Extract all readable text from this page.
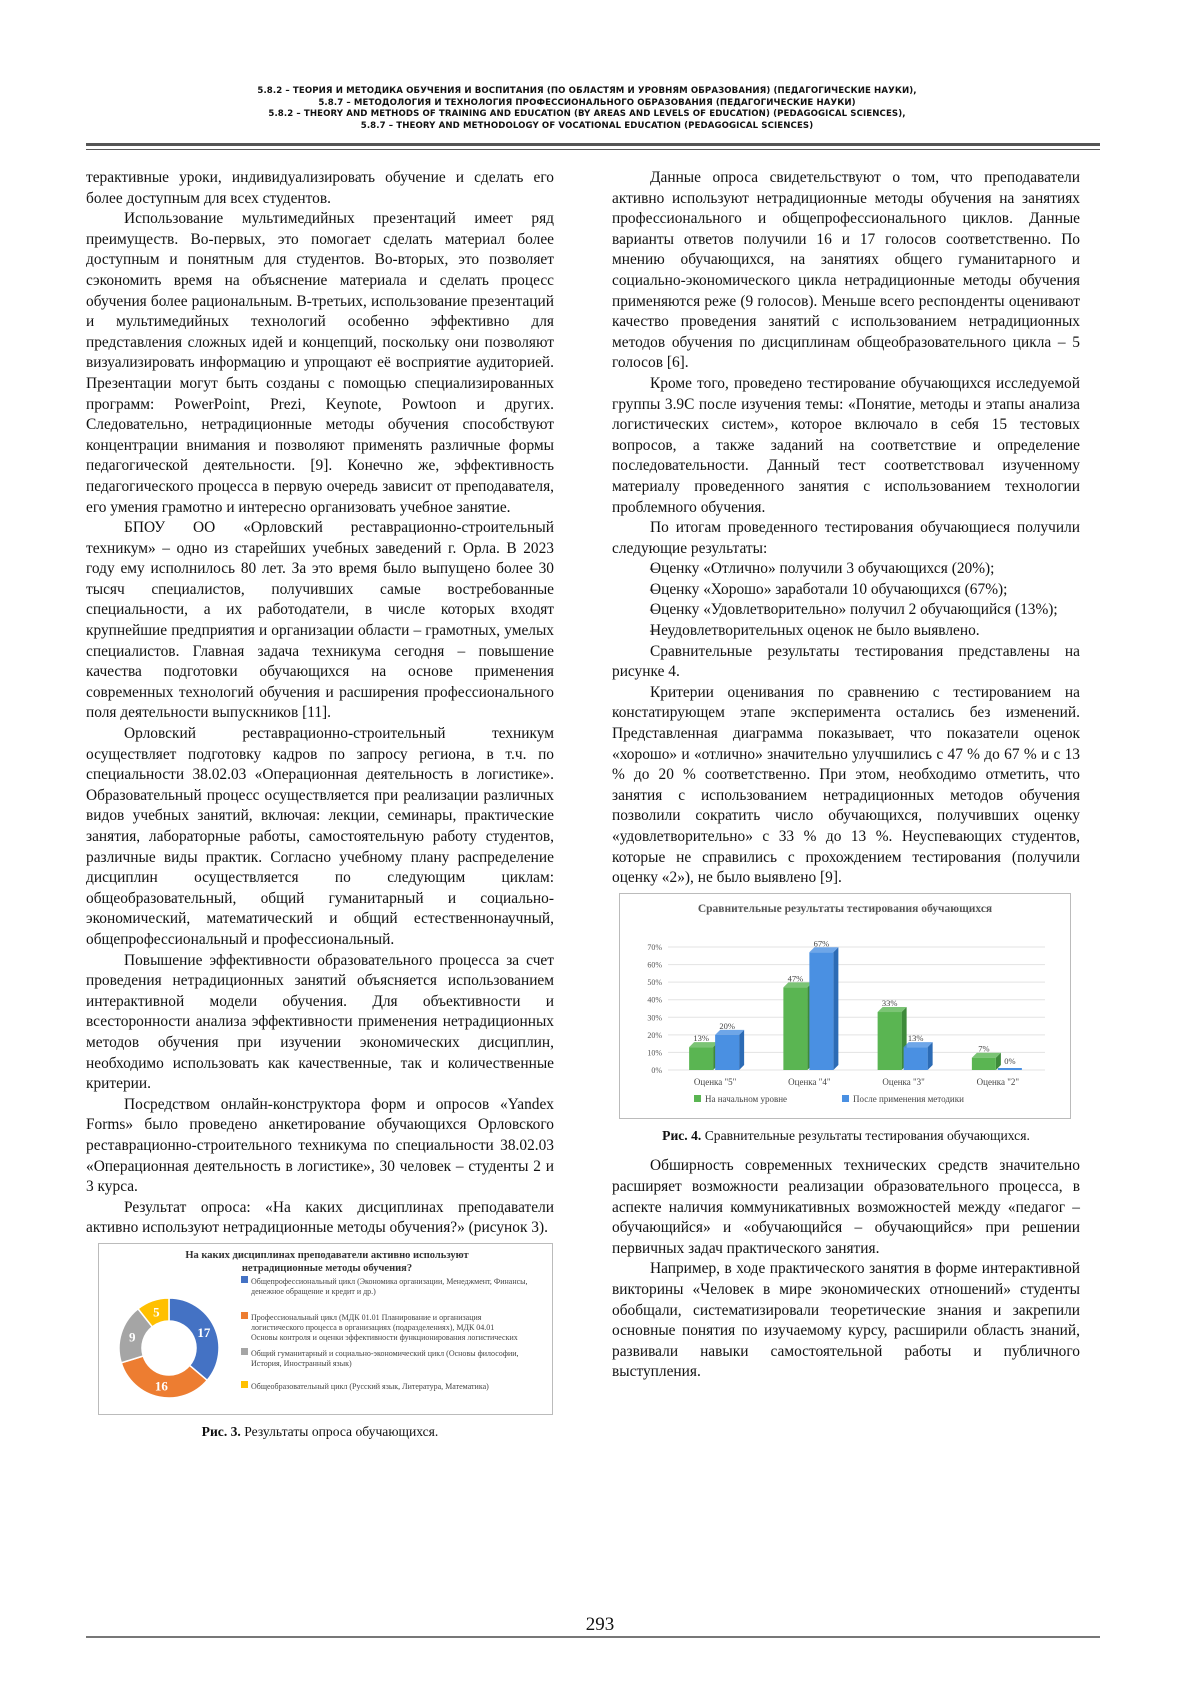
5.8.2 – ТЕОРИЯ И МЕТОДИКА ОБУЧЕНИЯ И ВОСПИТАНИЯ (ПО ОБЛАСТЯМ И УРОВНЯМ ОБРАЗОВАНИЯ) (ПЕДАГОГИЧЕСКИЕ НАУКИ),
5.8.7 – МЕТОДОЛОГИЯ И ТЕХНОЛОГИЯ ПРОФЕССИОНАЛЬНОГО ОБРАЗОВАНИЯ (ПЕДАГОГИЧЕСКИЕ НАУКИ)
5.8.2 – THEORY AND METHODS OF TRAINING AND EDUCATION (BY AREAS AND LEVELS OF EDUCATION) (PEDAGOGICAL SCIENCES),
5.8.7 – THEORY AND METHODOLOGY OF VOCATIONAL EDUCATION (PEDAGOGICAL SCIENCES)

терактивные уроки, индивидуализировать обучение и сделать его более доступным для всех студентов.

Использование мультимедийных презентаций имеет ряд преимуществ. Во-первых, это помогает сделать материал более доступным и понятным для студентов. Во-вторых, это позволяет сэкономить время на объяснение материала и сделать процесс обучения более рациональным. В-третьих, использование презентаций и мультимедийных технологий особенно эффективно для представления сложных идей и концепций, поскольку они позволяют визуализировать информацию и упрощают её восприятие аудиторией. Презентации могут быть созданы с помощью специализированных программ: PowerPoint, Prezi, Keynote, Powtoon и других. Следовательно, нетрадиционные методы обучения способствуют концентрации внимания и позволяют применять различные формы педагогической деятельности. [9]. Конечно же, эффективность педагогического процесса в первую очередь зависит от преподавателя, его умения грамотно и интересно организовать учебное занятие.

БПОУ ОО «Орловский реставрационно-строительный техникум» – одно из старейших учебных заведений г. Орла. В 2023 году ему исполнилось 80 лет. За это время было выпущено более 30 тысяч специалистов, получивших самые востребованные специальности, а их работодатели, в числе которых входят крупнейшие предприятия и организации области – грамотных, умелых специалистов. Главная задача техникума сегодня – повышение качества подготовки обучающихся на основе применения современных технологий обучения и расширения профессионального поля деятельности выпускников [11].

Орловский реставрационно-строительный техникум осуществляет подготовку кадров по запросу региона, в т.ч. по специальности 38.02.03 «Операционная деятельность в логистике». Образовательный процесс осуществляется при реализации различных видов учебных занятий, включая: лекции, семинары, практические занятия, лабораторные работы, самостоятельную работу студентов, различные виды практик. Согласно учебному плану распределение дисциплин осуществляется по следующим циклам: общеобразовательный, общий гуманитарный и социально-экономический, математический и общий естественнонаучный, общепрофессиональный и профессиональный.

Повышение эффективности образовательного процесса за счет проведения нетрадиционных занятий объясняется использованием интерактивной модели обучения. Для объективности и всесторонности анализа эффективности применения нетрадиционных методов обучения при изучении экономических дисциплин, необходимо использовать как качественные, так и количественные критерии.

Посредством онлайн-конструктора форм и опросов «Yandex Forms» было проведено анкетирование обучающихся Орловского реставрационно-строительного техникума по специальности 38.02.03 «Операционная деятельность в логистике», 30 человек – студенты 2 и 3 курса.

Результат опроса: «На каких дисциплинах преподаватели активно используют нетрадиционные методы обучения?» (рисунок 3).

На каких дисциплинах преподаватели активно используют
нетрадиционные методы обучения?
17
16
9
5
Общепрофессиональный цикл (Экономика организации, Менеджмент, Финансы,
денежное обращение и кредит и др.)
Профессиональный цикл (МДК 01.01 Планирование и организация
логистического процесса в организациях (подразделениях), МДК 04.01
Основы контроля и оценки эффективности функционирования логистических
Общий гуманитарный и социально-экономический цикл (Основы философии,
История, Иностранный язык)
Общеобразовательный цикл (Русский язык, Литература, Математика)
Рис. 3. Результаты опроса обучающихся.

Данные опроса свидетельствуют о том, что преподаватели активно используют нетрадиционные методы обучения на занятиях профессионального и общепрофессионального циклов. Данные варианты ответов получили 16 и 17 голосов соответственно. По мнению обучающихся, на занятиях общего гуманитарного и социально-экономического цикла нетрадиционные методы обучения применяются реже (9 голосов). Меньше всего респонденты оценивают качество проведения занятий с использованием нетрадиционных методов обучения по дисциплинам общеобразовательного цикла – 5 голосов [6].

Кроме того, проведено тестирование обучающихся исследуемой группы 3.9С после изучения темы: «Понятие, методы и этапы анализа логистических систем», которое включало в себя 15 тестовых вопросов, а также заданий на соответствие и определение последовательности. Данный тест соответствовал изученному материалу проведенного занятия с использованием технологии проблемного обучения.

По итогам проведенного тестирования обучающиеся получили следующие результаты:

– Оценку «Отлично» получили 3 обучающихся (20%);

– Оценку «Хорошо» заработали 10 обучающихся (67%);

– Оценку «Удовлетворительно» получил 2 обучающийся (13%);

– Неудовлетворительных оценок не было выявлено.

Сравнительные результаты тестирования представлены на рисунке 4.

Критерии оценивания по сравнению с тестированием на констатирующем этапе эксперимента остались без изменений. Представленная диаграмма показывает, что показатели оценок «хорошо» и «отлично» значительно улучшились с 47 % до 67 % и с 13 % до 20 % соответственно. При этом, необходимо отметить, что занятия с использованием нетрадиционных методов обучения позволили сократить число обучающихся, получивших оценку «удовлетворительно» с 33 % до 13 %. Неуспевающих студентов, которые не справились с прохождением тестирования (получили оценку «2»), не было выявлено [9].

Сравнительные результаты тестирования обучающихся
0%
10%
20%
30%
40%
50%
60%
70%
13%
20%
Оценка "5"
47%
67%
Оценка "4"
33%
13%
Оценка "3"
7%
0%
Оценка "2"
На начальном уровне	После применения методики
Рис. 4. Сравнительные результаты тестирования обучающихся.

Обширность современных технических средств значительно расширяет возможности реализации образовательного процесса, в аспекте наличия коммуникативных возможностей между «педагог – обучающийся» и «обучающийся – обучающийся» при решении первичных задач практического занятия.

Например, в ходе практического занятия в форме интерактивной викторины «Человек в мире экономических отношений» студенты обобщали, систематизировали теоретические знания и закрепили основные понятия по изучаемому курсу, расширили область знаний, развивали навыки самостоятельной работы и публичного выступления.

293
